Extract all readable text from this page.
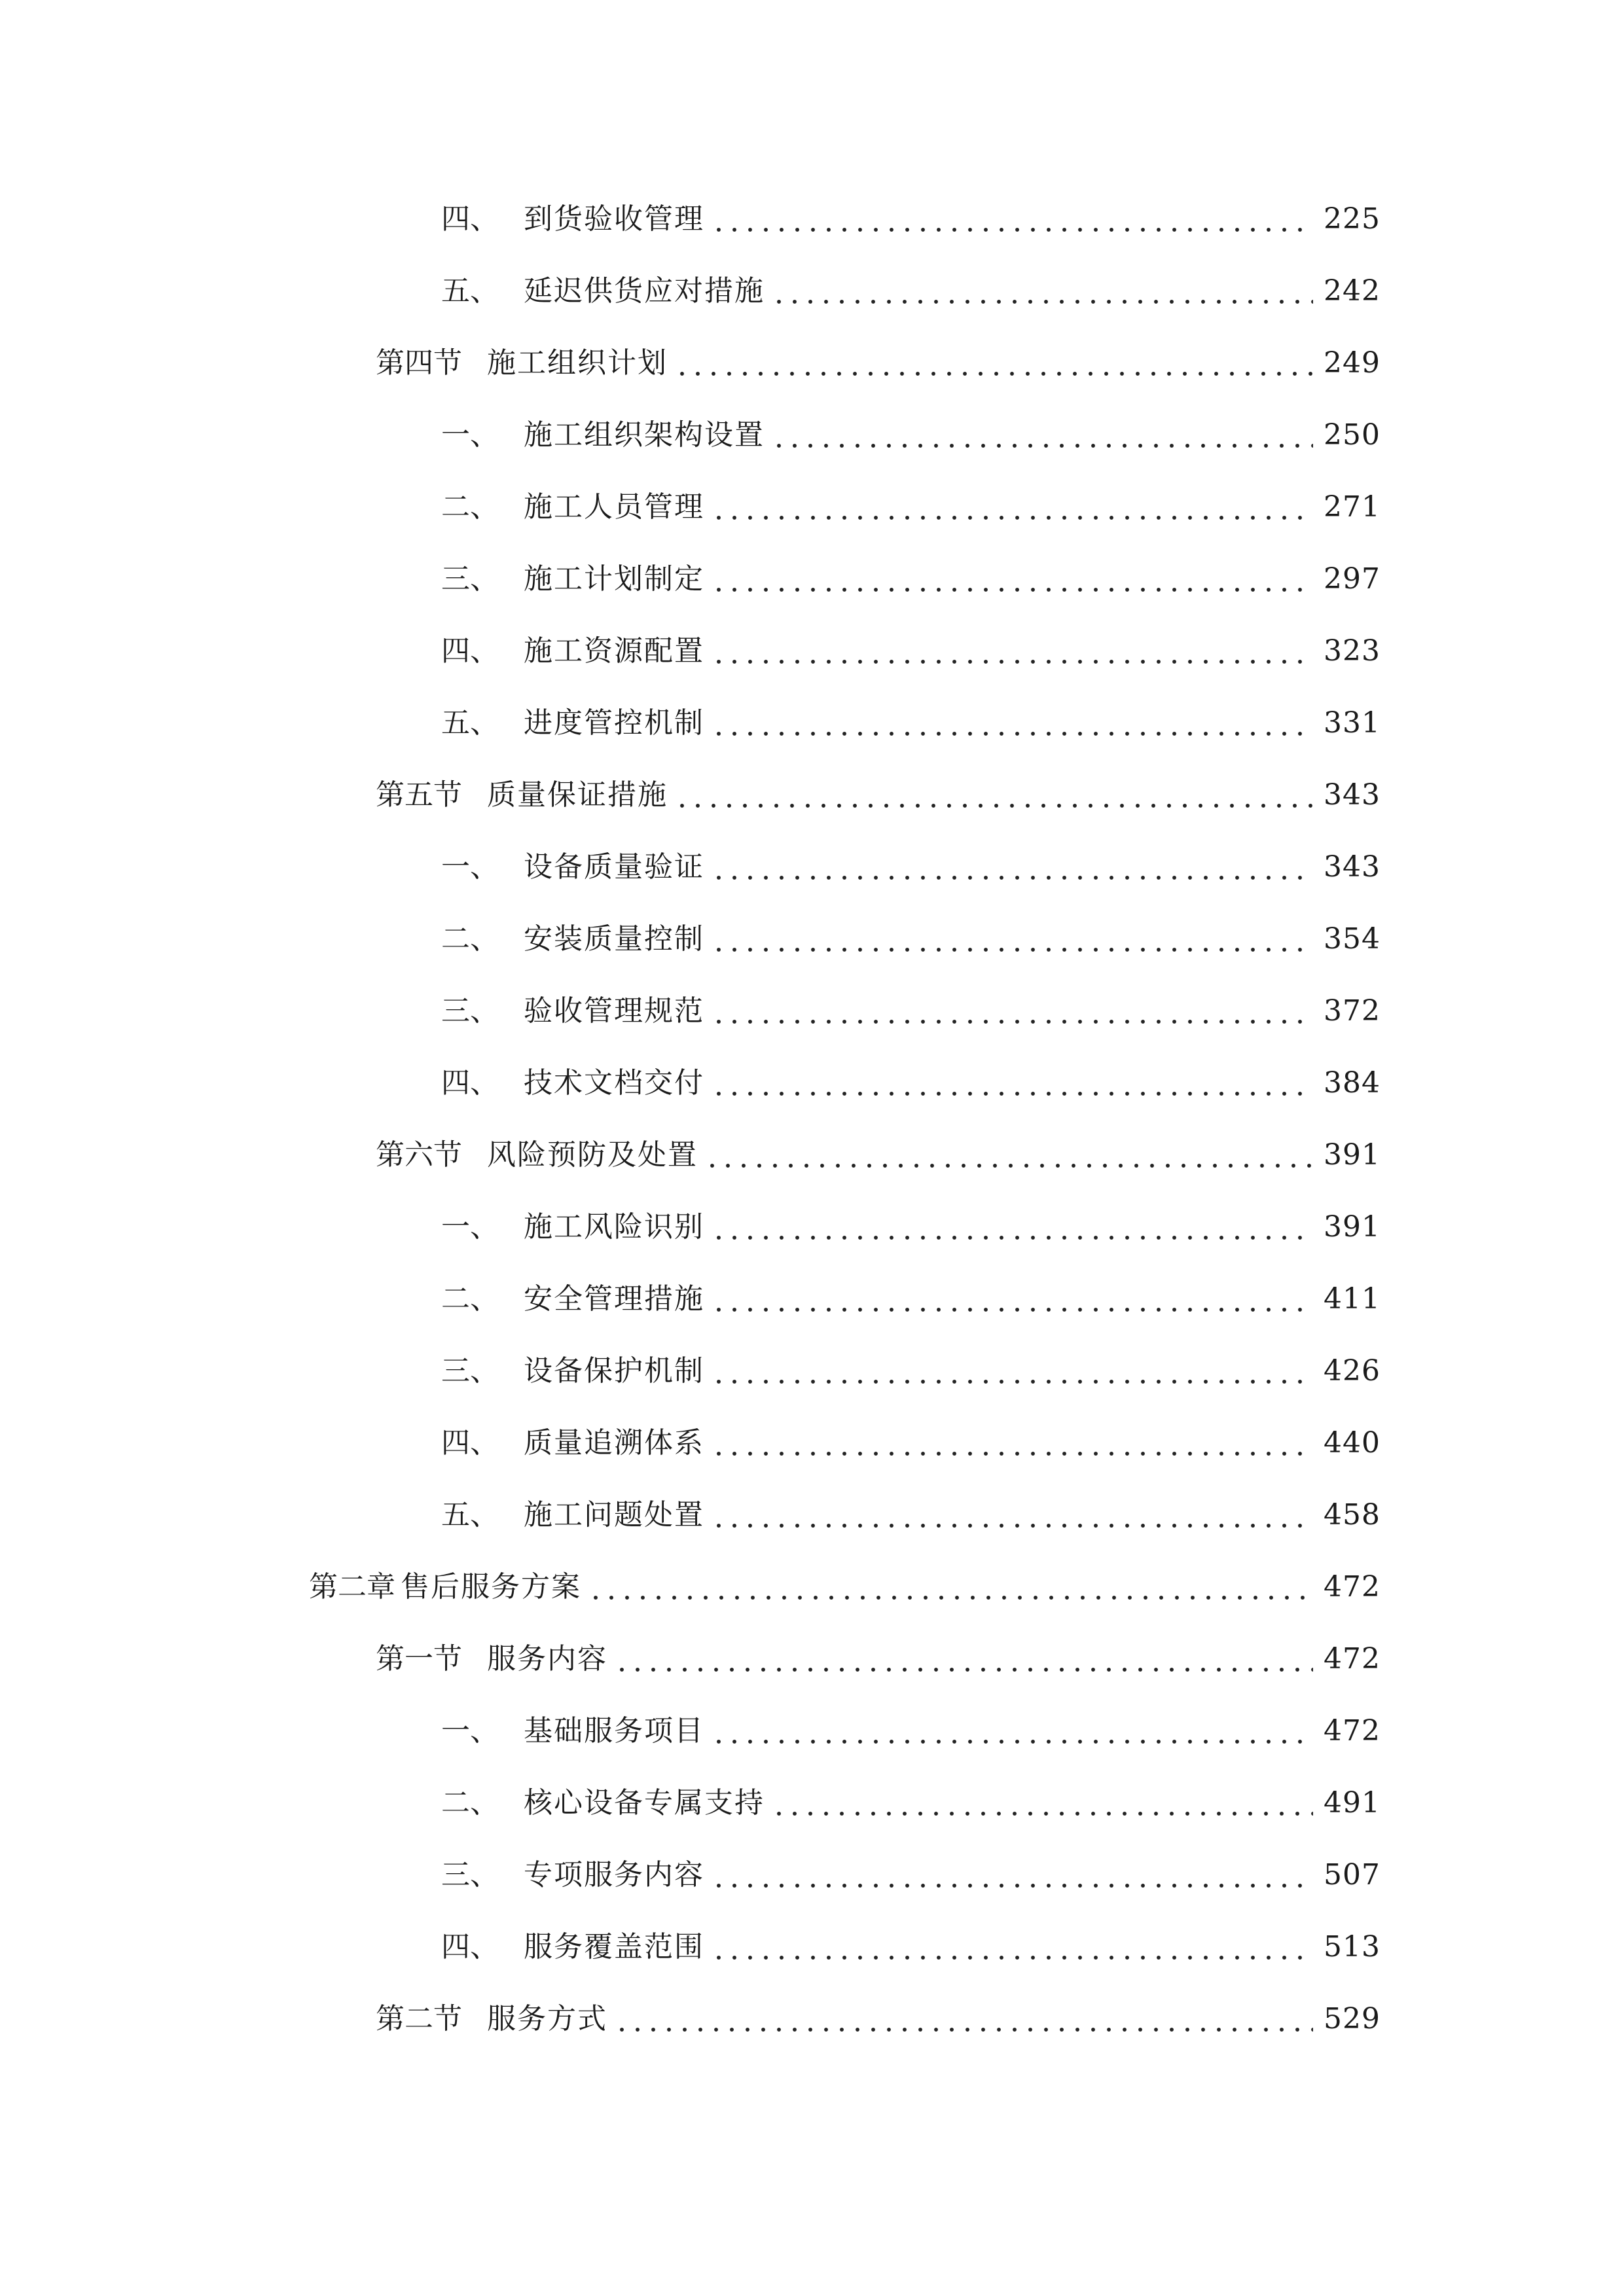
四、 到货验收管理	225
五、 延迟供货应对措施	242
第四节 施工组织计划	249
一、 施工组织架构设置	250
二、 施工人员管理	271
三、 施工计划制定	297
四、 施工资源配置	323
五、 进度管控机制	331
第五节 质量保证措施	343
一、 设备质量验证	343
二、 安装质量控制	354
三、 验收管理规范	372
四、 技术文档交付	384
第六节 风险预防及处置	391
一、 施工风险识别	391
二、 安全管理措施	411
三、 设备保护机制	426
四、 质量追溯体系	440
五、 施工问题处置	458
第二章 售后服务方案	472
第一节 服务内容	472
一、 基础服务项目	472
二、 核心设备专属支持	491
三、 专项服务内容	507
四、 服务覆盖范围	513
第二节 服务方式	529
